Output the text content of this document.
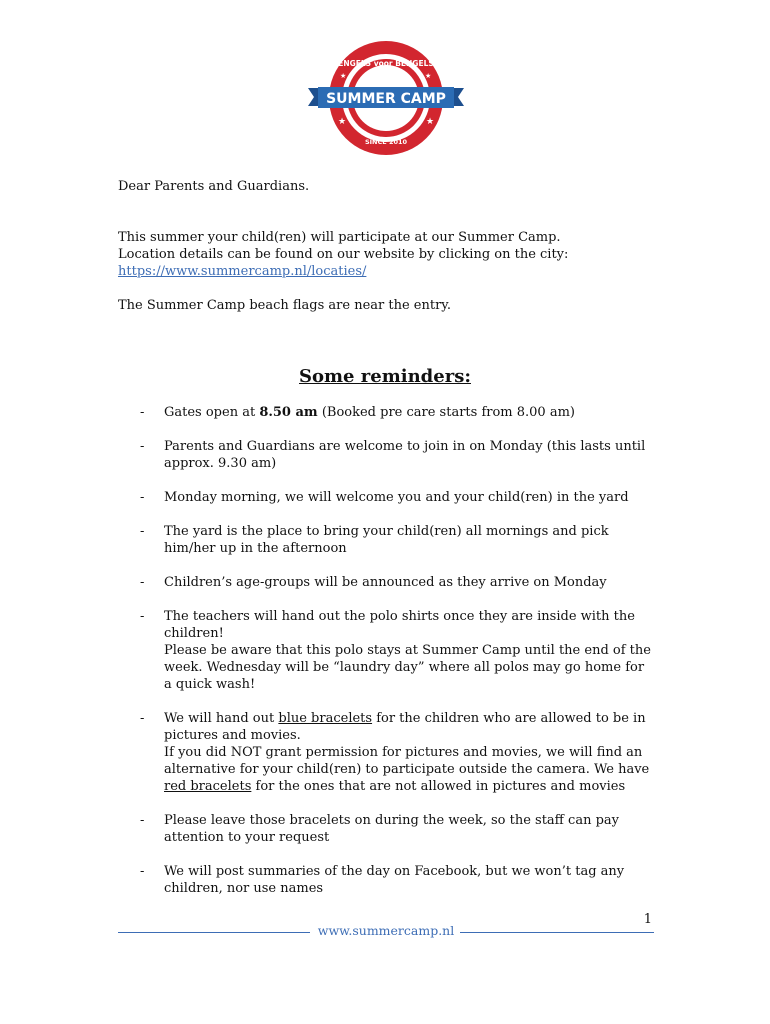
SUMMER CAMP
ENGELS voor BENGELS
SINCE 2010
★	★
★	★

Dear Parents and Guardians.

This summer your child(ren) will participate at our Summer Camp.

Location details can be found on our website by clicking on the city:

https://www.summercamp.nl/locaties/

The Summer Camp beach flags are near the entry.

Some reminders:
- Gates open at 8.50 am (Booked pre care starts from 8.00 am)
- Parents and Guardians are welcome to join in on Monday (this lasts until
approx. 9.30 am)
- Monday morning, we will welcome you and your child(ren) in the yard
- The yard is the place to bring your child(ren) all mornings and pick
him/her up in the afternoon
- Children’s age-groups will be announced as they arrive on Monday
- The teachers will hand out the polo shirts once they are inside with the
children!
Please be aware that this polo stays at Summer Camp until the end of the
week. Wednesday will be “laundry day” where all polos may go home for
a quick wash!
- We will hand out blue bracelets for the children who are allowed to be in
pictures and movies.
If you did NOT grant permission for pictures and movies, we will find an
alternative for your child(ren) to participate outside the camera. We have
red bracelets for the ones that are not allowed in pictures and movies
- Please leave those bracelets on during the week, so the staff can pay
attention to your request
- We will post summaries of the day on Facebook, but we won’t tag any
children, nor use names
1
www.summercamp.nl
